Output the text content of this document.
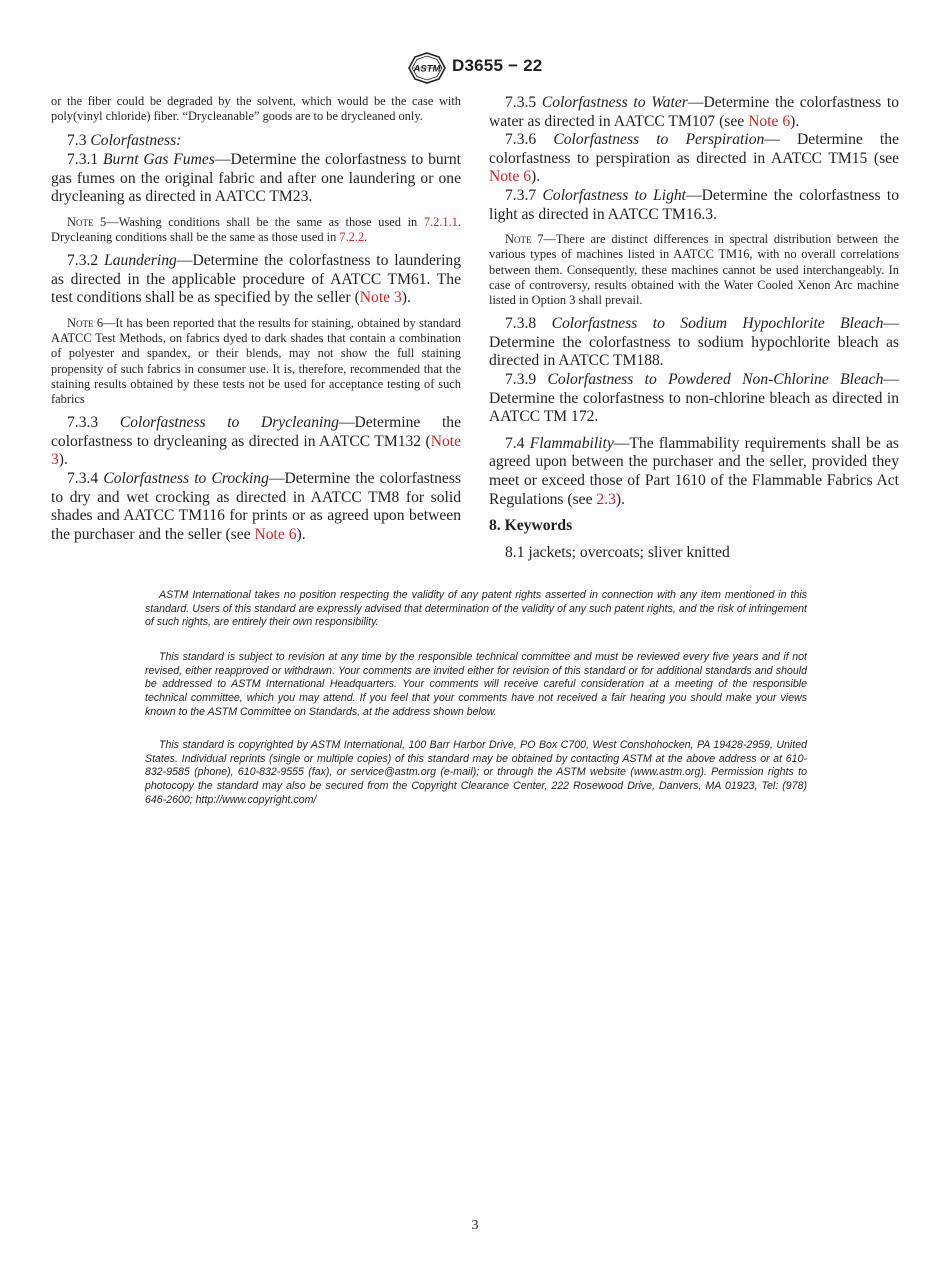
ASTM D3655 − 22

or the fiber could be degraded by the solvent, which would be the case with poly(vinyl chloride) fiber. “Drycleanable” goods are to be drycleaned only.

7.3 Colorfastness:

7.3.1 Burnt Gas Fumes—Determine the colorfastness to burnt gas fumes on the original fabric and after one laundering or one drycleaning as directed in AATCC TM23.

Note 5—Washing conditions shall be the same as those used in 7.2.1.1. Drycleaning conditions shall be the same as those used in 7.2.2.

7.3.2 Laundering—Determine the colorfastness to laundering as directed in the applicable procedure of AATCC TM61. The test conditions shall be as specified by the seller (Note 3).

Note 6—It has been reported that the results for staining, obtained by standard AATCC Test Methods, on fabrics dyed to dark shades that contain a combination of polyester and spandex, or their blends, may not show the full staining propensity of such fabrics in consumer use. It is, therefore, recommended that the staining results obtained by these tests not be used for acceptance testing of such fabrics

7.3.3 Colorfastness to Drycleaning—Determine the colorfastness to drycleaning as directed in AATCC TM132 (Note 3).

7.3.4 Colorfastness to Crocking—Determine the colorfastness to dry and wet crocking as directed in AATCC TM8 for solid shades and AATCC TM116 for prints or as agreed upon between the purchaser and the seller (see Note 6).

7.3.5 Colorfastness to Water—Determine the colorfastness to water as directed in AATCC TM107 (see Note 6).

7.3.6 Colorfastness to Perspiration— Determine the colorfastness to perspiration as directed in AATCC TM15 (see Note 6).

7.3.7 Colorfastness to Light—Determine the colorfastness to light as directed in AATCC TM16.3.

Note 7—There are distinct differences in spectral distribution between the various types of machines listed in AATCC TM16, with no overall correlations between them. Consequently, these machines cannot be used interchangeably. In case of controversy, results obtained with the Water Cooled Xenon Arc machine listed in Option 3 shall prevail.

7.3.8 Colorfastness to Sodium Hypochlorite Bleach— Determine the colorfastness to sodium hypochlorite bleach as directed in AATCC TM188.

7.3.9 Colorfastness to Powdered Non-Chlorine Bleach— Determine the colorfastness to non-chlorine bleach as directed in AATCC TM 172.

7.4 Flammability—The flammability requirements shall be as agreed upon between the purchaser and the seller, provided they meet or exceed those of Part 1610 of the Flammable Fabrics Act Regulations (see 2.3).

8. Keywords

8.1 jackets; overcoats; sliver knitted

ASTM International takes no position respecting the validity of any patent rights asserted in connection with any item mentioned in this standard. Users of this standard are expressly advised that determination of the validity of any such patent rights, and the risk of infringement of such rights, are entirely their own responsibility.

This standard is subject to revision at any time by the responsible technical committee and must be reviewed every five years and if not revised, either reapproved or withdrawn. Your comments are invited either for revision of this standard or for additional standards and should be addressed to ASTM International Headquarters. Your comments will receive careful consideration at a meeting of the responsible technical committee, which you may attend. If you feel that your comments have not received a fair hearing you should make your views known to the ASTM Committee on Standards, at the address shown below.

This standard is copyrighted by ASTM International, 100 Barr Harbor Drive, PO Box C700, West Conshohocken, PA 19428-2959, United States. Individual reprints (single or multiple copies) of this standard may be obtained by contacting ASTM at the above address or at 610-832-9585 (phone), 610-832-9555 (fax), or service@astm.org (e-mail); or through the ASTM website (www.astm.org). Permission rights to photocopy the standard may also be secured from the Copyright Clearance Center, 222 Rosewood Drive, Danvers, MA 01923, Tel: (978) 646-2600; http://www.copyright.com/

3
